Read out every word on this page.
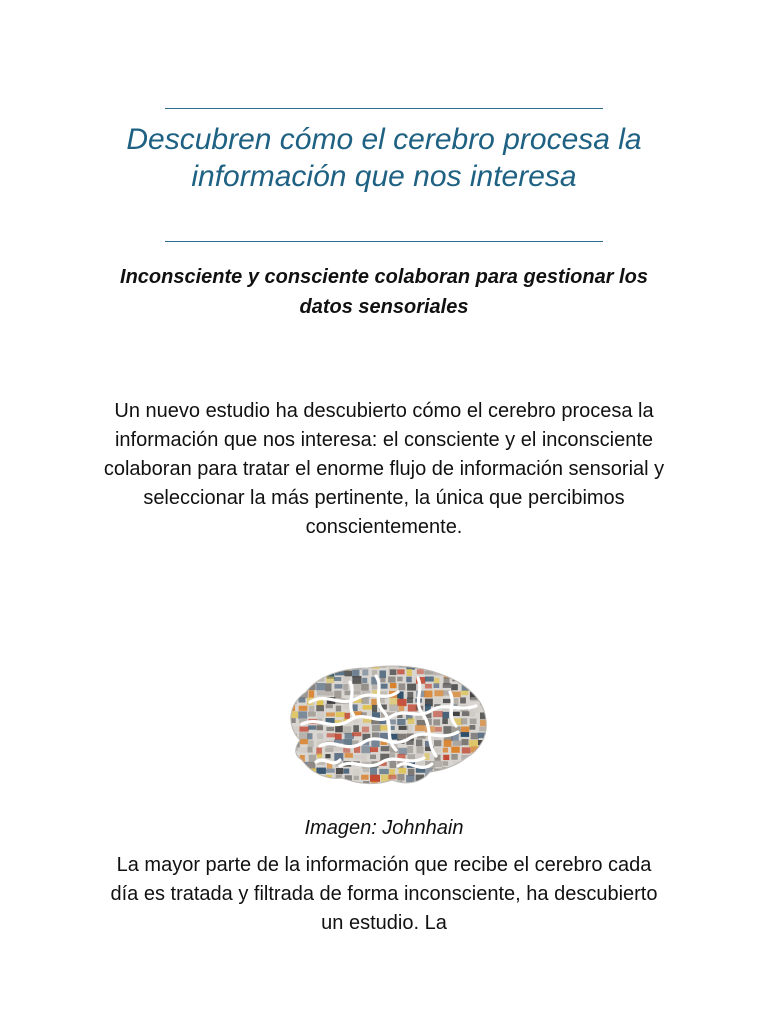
Descubren cómo el cerebro procesa la información que nos interesa
Inconsciente y consciente colaboran para gestionar los datos sensoriales

Un nuevo estudio ha descubierto cómo el cerebro procesa la información que nos interesa: el consciente y el inconsciente colaboran para tratar el enorme flujo de información sensorial y seleccionar la más pertinente, la única que percibimos conscientemente.

Imagen: Johnhain

La mayor parte de la información que recibe el cerebro cada día es tratada y filtrada de forma inconsciente, ha descubierto un estudio. La
